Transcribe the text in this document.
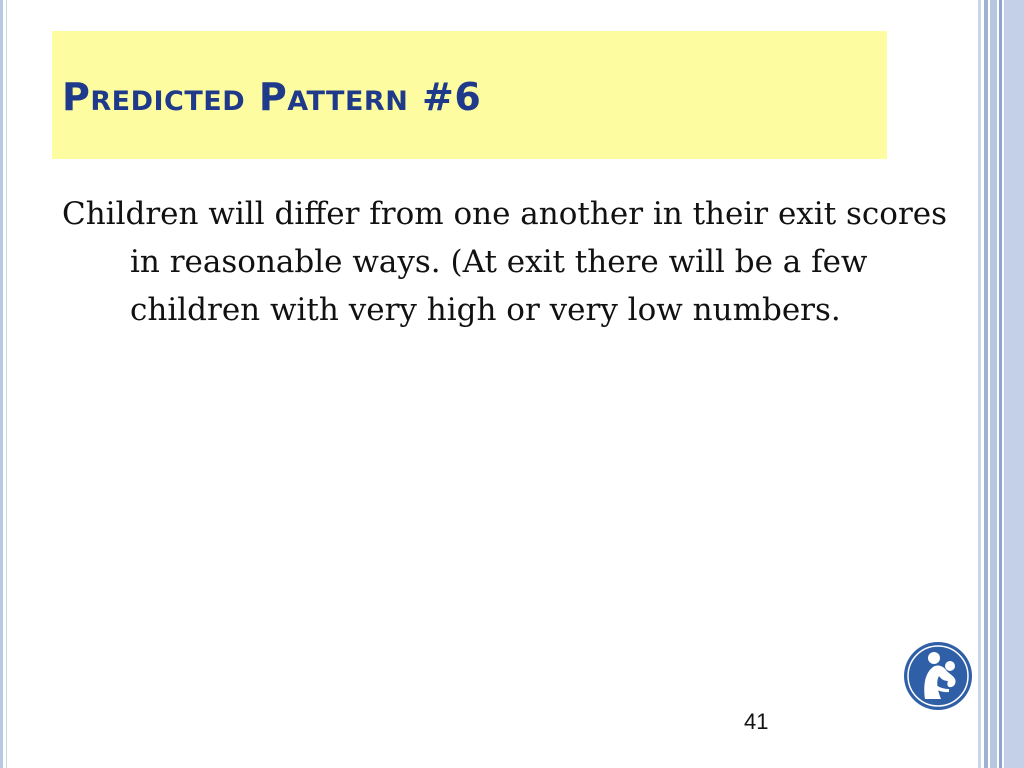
Predicted Pattern #6

Children will differ from one another in their exit scores in reasonable ways. (At exit there will be a few children with very high or very low numbers.

41
